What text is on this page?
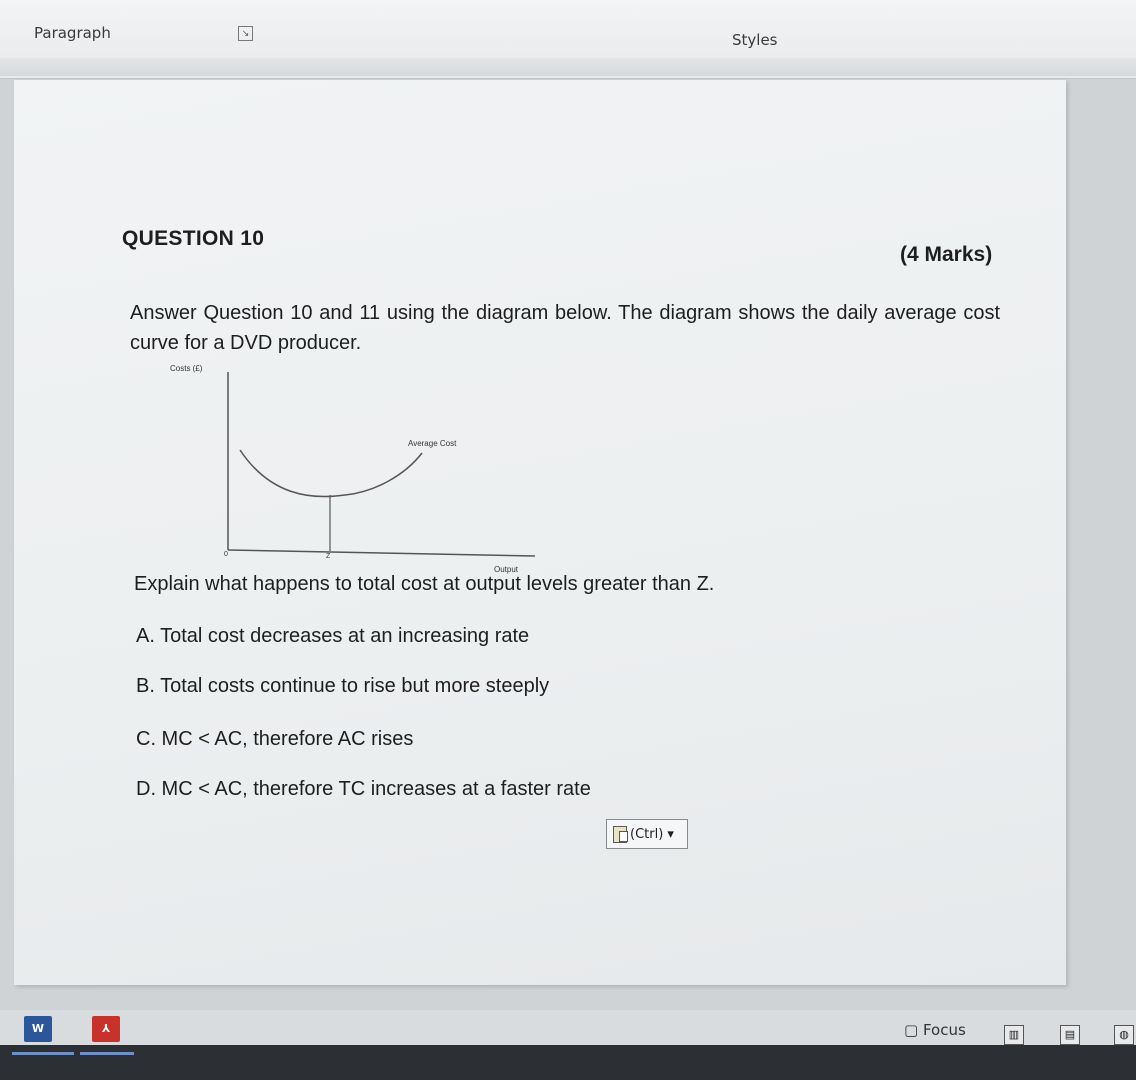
Paragraph	↘	Styles
QUESTION 10
(4 Marks)
Answer Question 10 and 11 using the diagram below. The diagram shows the daily average cost curve for a DVD producer.
Costs (£)
Average Cost
0	Z
Output
Explain what happens to total cost at output levels greater than Z.
A. Total cost decreases at an increasing rate
B. Total costs continue to rise but more steeply
C. MC < AC, therefore AC rises
D. MC < AC, therefore TC increases at a faster rate
(Ctrl) ▾
W	⅄	▢ Focus	▥	▤	◍
